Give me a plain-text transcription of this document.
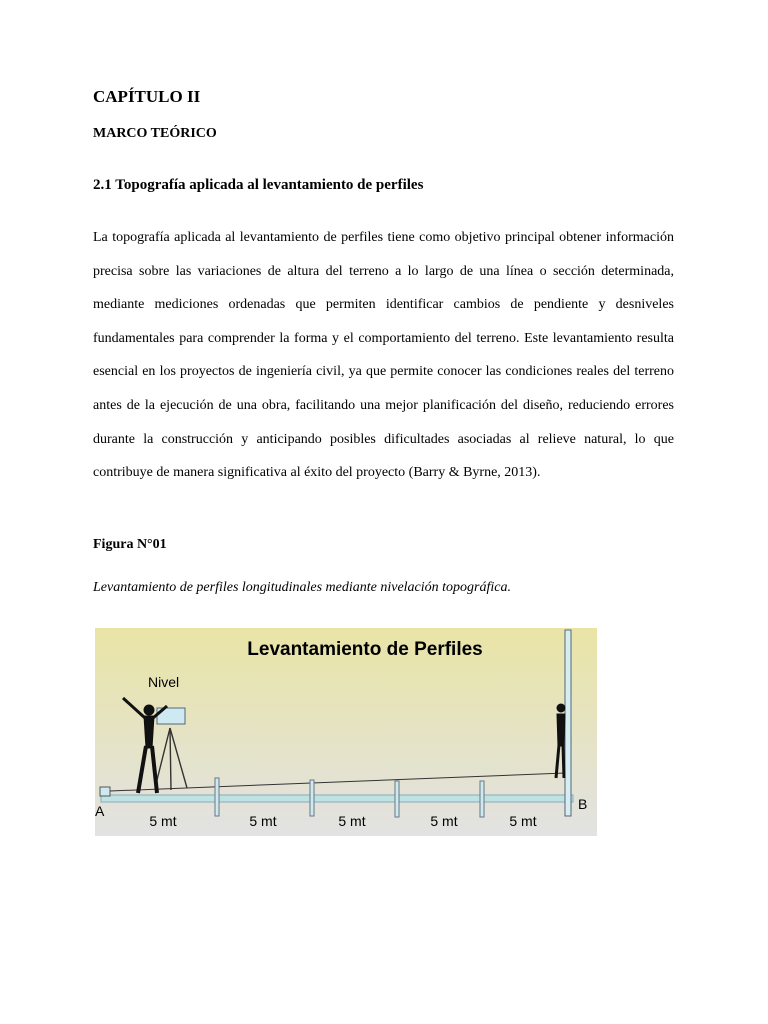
CAPÍTULO II
MARCO TEÓRICO
2.1 Topografía aplicada al levantamiento de perfiles

La topografía aplicada al levantamiento de perfiles tiene como objetivo principal obtener información precisa sobre las variaciones de altura del terreno a lo largo de una línea o sección determinada, mediante mediciones ordenadas que permiten identificar cambios de pendiente y desniveles fundamentales para comprender la forma y el comportamiento del terreno. Este levantamiento resulta esencial en los proyectos de ingeniería civil, ya que permite conocer las condiciones reales del terreno antes de la ejecución de una obra, facilitando una mejor planificación del diseño, reduciendo errores durante la construcción y anticipando posibles dificultades asociadas al relieve natural, lo que contribuye de manera significativa al éxito del proyecto (Barry & Byrne, 2013).

Figura N°01

Levantamiento de perfiles longitudinales mediante nivelación topográfica.

Levantamiento de Perfiles
Nivel
A	B
5 mt	5 mt	5 mt	5 mt	5 mt
